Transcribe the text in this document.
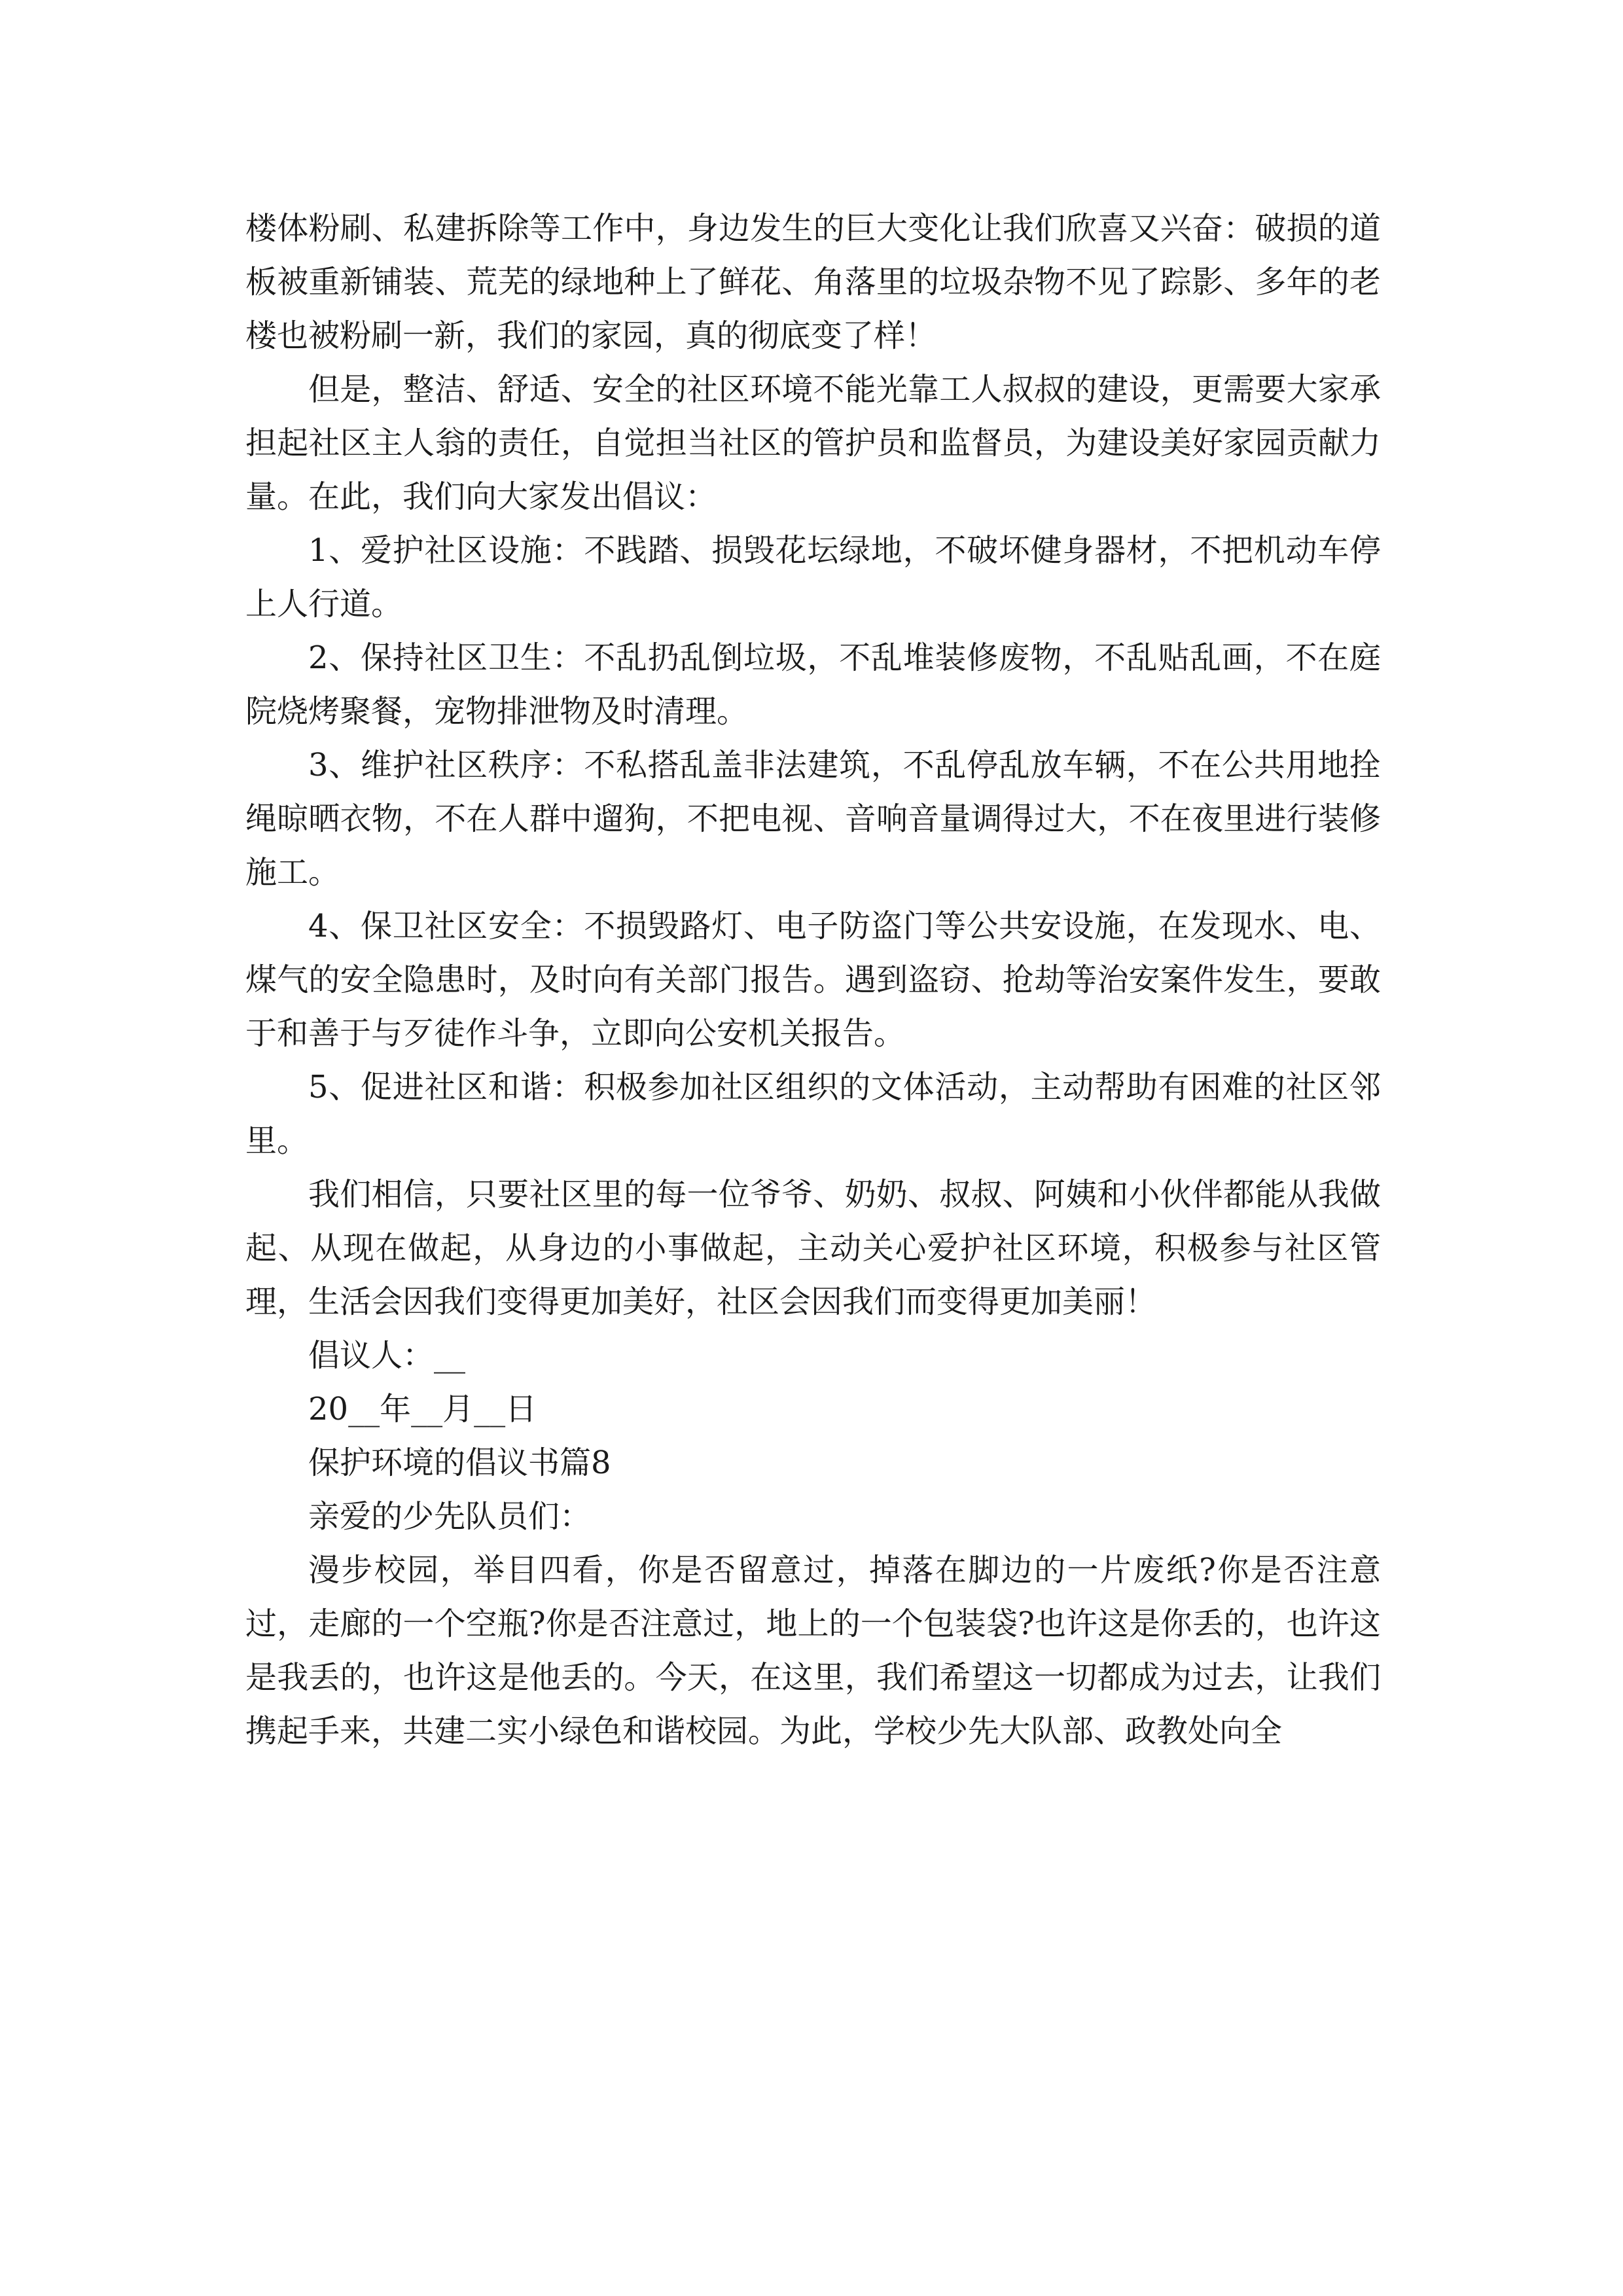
楼体粉刷、私建拆除等工作中，身边发生的巨大变化让我们欣喜又兴奋：破损的道板被重新铺装、荒芜的绿地种上了鲜花、角落里的垃圾杂物不见了踪影、多年的老楼也被粉刷一新，我们的家园，真的彻底变了样！

但是，整洁、舒适、安全的社区环境不能光靠工人叔叔的建设，更需要大家承担起社区主人翁的责任，自觉担当社区的管护员和监督员，为建设美好家园贡献力量。在此，我们向大家发出倡议：

1、爱护社区设施：不践踏、损毁花坛绿地，不破坏健身器材，不把机动车停上人行道。

2、保持社区卫生：不乱扔乱倒垃圾，不乱堆装修废物，不乱贴乱画，不在庭院烧烤聚餐，宠物排泄物及时清理。

3、维护社区秩序：不私搭乱盖非法建筑，不乱停乱放车辆，不在公共用地拴绳晾晒衣物，不在人群中遛狗，不把电视、音响音量调得过大，不在夜里进行装修施工。

4、保卫社区安全：不损毁路灯、电子防盗门等公共安设施，在发现水、电、煤气的安全隐患时，及时向有关部门报告。遇到盗窃、抢劫等治安案件发生，要敢于和善于与歹徒作斗争，立即向公安机关报告。

5、促进社区和谐：积极参加社区组织的文体活动，主动帮助有困难的社区邻里。

我们相信，只要社区里的每一位爷爷、奶奶、叔叔、阿姨和小伙伴都能从我做起、从现在做起，从身边的小事做起，主动关心爱护社区环境，积极参与社区管理，生活会因我们变得更加美好，社区会因我们而变得更加美丽！

倡议人：__

20__年__月__日

保护环境的倡议书篇8

亲爱的少先队员们：

漫步校园，举目四看，你是否留意过，掉落在脚边的一片废纸?你是否注意过，走廊的一个空瓶?你是否注意过，地上的一个包装袋?也许这是你丢的，也许这是我丢的，也许这是他丢的。今天，在这里，我们希望这一切都成为过去，让我们携起手来，共建二实小绿色和谐校园。为此，学校少先大队部、政教处向全
